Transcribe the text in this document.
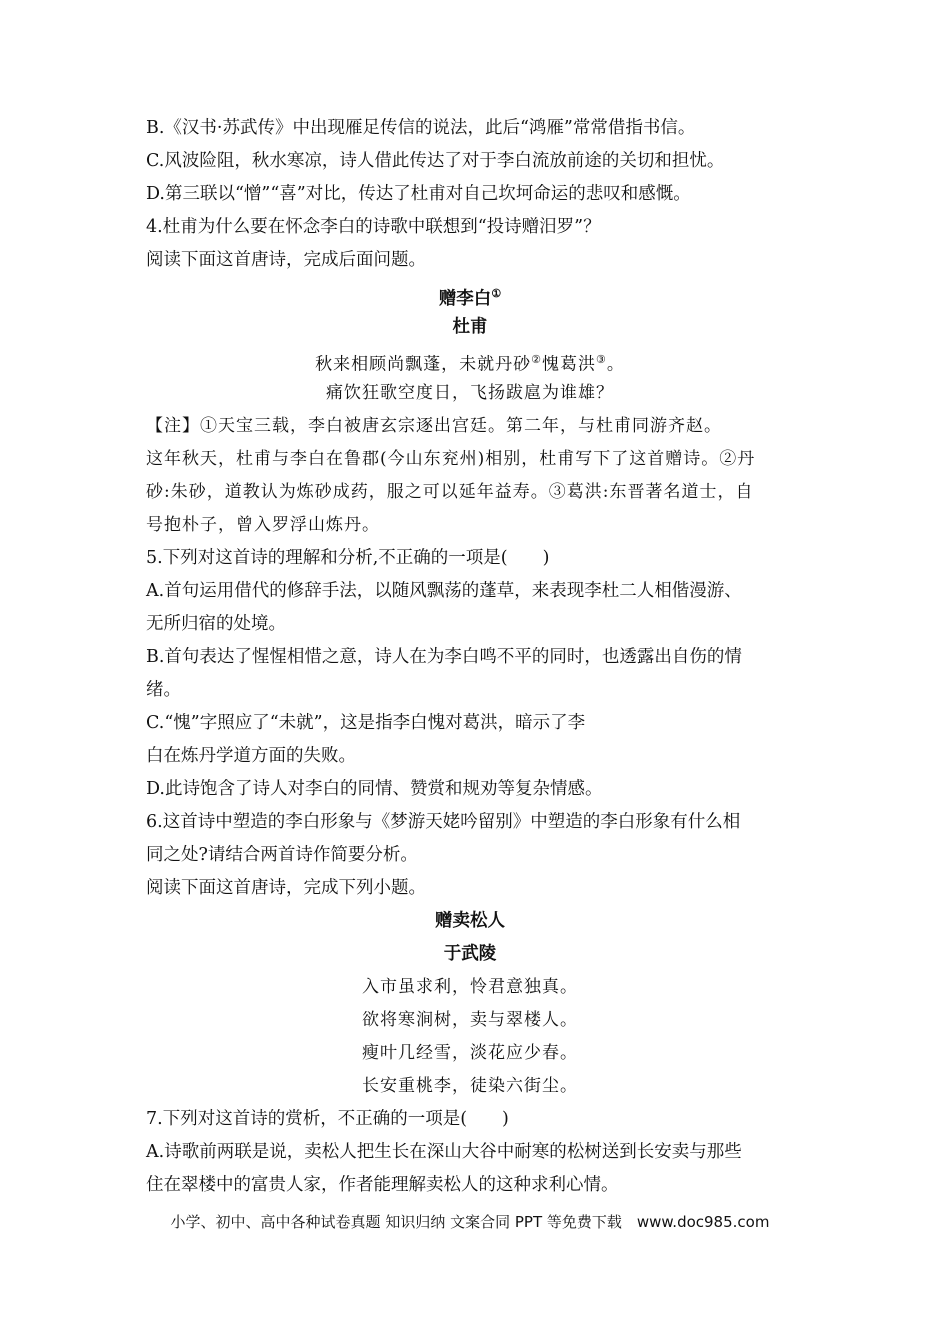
B.《汉书·苏武传》中出现雁足传信的说法，此后“鸿雁”常常借指书信。
C.风波险阻，秋水寒凉，诗人借此传达了对于李白流放前途的关切和担忧。
D.第三联以“憎”“喜”对比，传达了杜甫对自己坎坷命运的悲叹和感慨。
4.杜甫为什么要在怀念李白的诗歌中联想到“投诗赠汨罗”？
阅读下面这首唐诗，完成后面问题。
赠李白①
杜甫
秋来相顾尚飘蓬，未就丹砂②愧葛洪③。
痛饮狂歌空度日，飞扬跋扈为谁雄？
【注】①天宝三载，李白被唐玄宗逐出宫廷。第二年，与杜甫同游齐赵。
这年秋天，杜甫与李白在鲁郡(今山东兖州)相别，杜甫写下了这首赠诗。②丹
砂:朱砂，道教认为炼砂成药，服之可以延年益寿。③葛洪:东晋著名道士，自
号抱朴子，曾入罗浮山炼丹。
5.下列对这首诗的理解和分析,不正确的一项是(　　)
A.首句运用借代的修辞手法，以随风飘荡的蓬草，来表现李杜二人相偕漫游、
无所归宿的处境。
B.首句表达了惺惺相惜之意，诗人在为李白鸣不平的同时，也透露出自伤的情
绪。
C.“愧”字照应了“未就”，这是指李白愧对葛洪，暗示了李
白在炼丹学道方面的失败。
D.此诗饱含了诗人对李白的同情、赞赏和规劝等复杂情感。
6.这首诗中塑造的李白形象与《梦游天姥吟留别》中塑造的李白形象有什么相
同之处?请结合两首诗作简要分析。
阅读下面这首唐诗，完成下列小题。
赠卖松人
于武陵
入市虽求利，怜君意独真。
欲将寒涧树，卖与翠楼人。
瘦叶几经雪，淡花应少春。
长安重桃李，徒染六街尘。
7.下列对这首诗的赏析，不正确的一项是(　　)
A.诗歌前两联是说，卖松人把生长在深山大谷中耐寒的松树送到长安卖与那些
住在翠楼中的富贵人家，作者能理解卖松人的这种求利心情。
小学、初中、高中各种试卷真题 知识归纳 文案合同 PPT 等免费下载　www.doc985.com
